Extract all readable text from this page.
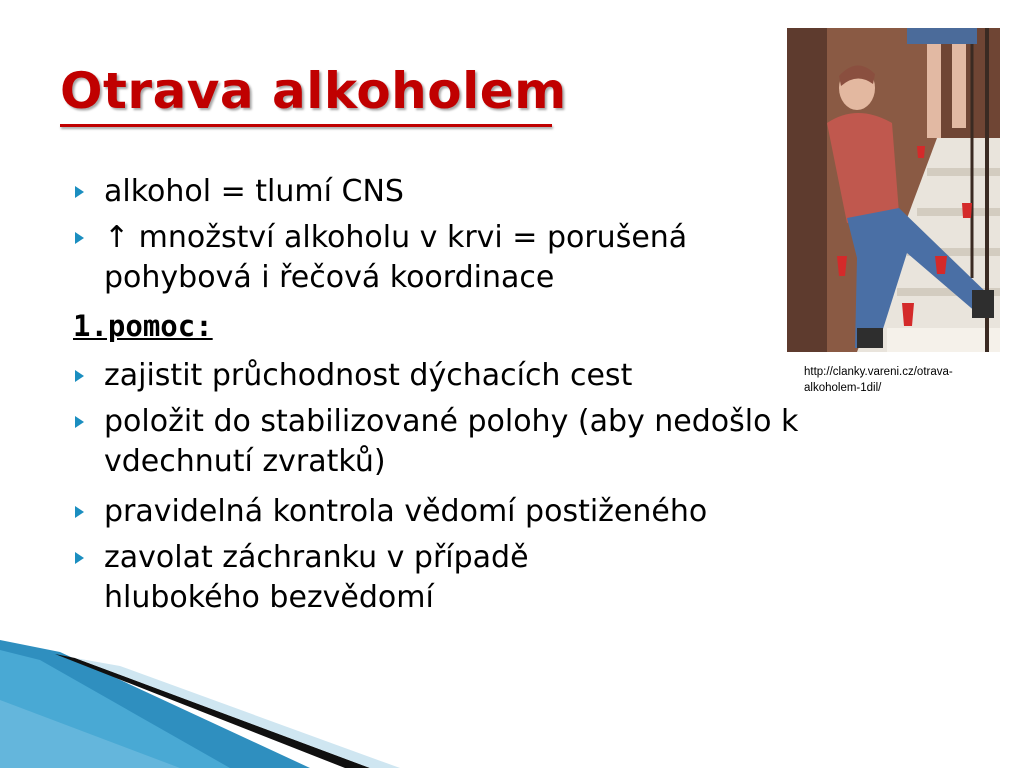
Otrava alkoholem
http://clanky.vareni.cz/otrava-alkoholem-1dil/
alkohol = tlumí CNS
↑ množství alkoholu v krvi = porušená pohybová i řečová koordinace
1.pomoc:
zajistit průchodnost dýchacích cest
položit do stabilizované polohy (aby nedošlo k vdechnutí zvratků)
pravidelná kontrola vědomí postiženého
zavolat záchranku v případě hlubokého bezvědomí
